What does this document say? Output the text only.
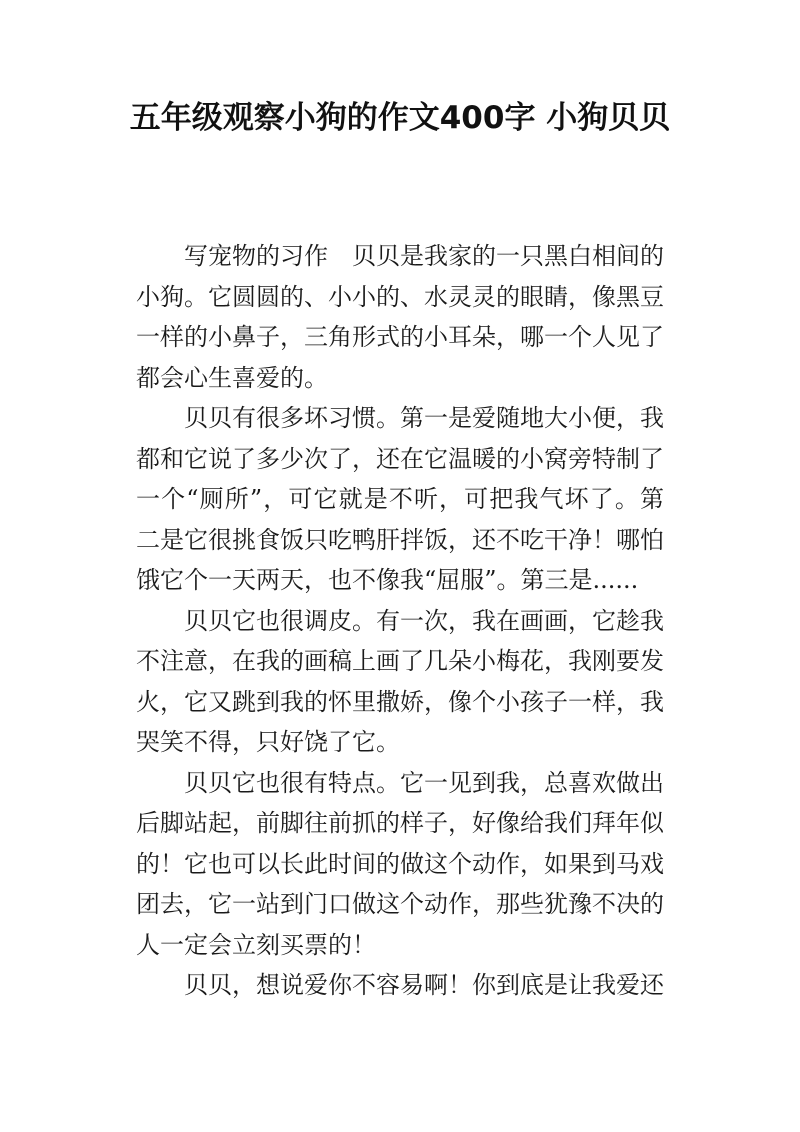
五年级观察小狗的作文400字 小狗贝贝

写宠物的习作　贝贝是我家的一只黑白相间的小狗。它圆圆的、小小的、水灵灵的眼睛，像黑豆一样的小鼻子，三角形式的小耳朵，哪一个人见了都会心生喜爱的。

贝贝有很多坏习惯。第一是爱随地大小便，我都和它说了多少次了，还在它温暖的小窝旁特制了一个“厕所”，可它就是不听，可把我气坏了。第二是它很挑食饭只吃鸭肝拌饭，还不吃干净！哪怕饿它个一天两天，也不像我“屈服”。第三是......

贝贝它也很调皮。有一次，我在画画，它趁我不注意，在我的画稿上画了几朵小梅花，我刚要发火，它又跳到我的怀里撒娇，像个小孩子一样，我哭笑不得，只好饶了它。

贝贝它也很有特点。它一见到我，总喜欢做出后脚站起，前脚往前抓的样子，好像给我们拜年似的！它也可以长此时间的做这个动作，如果到马戏团去，它一站到门口做这个动作，那些犹豫不决的人一定会立刻买票的！

贝贝，想说爱你不容易啊！你到底是让我爱还
